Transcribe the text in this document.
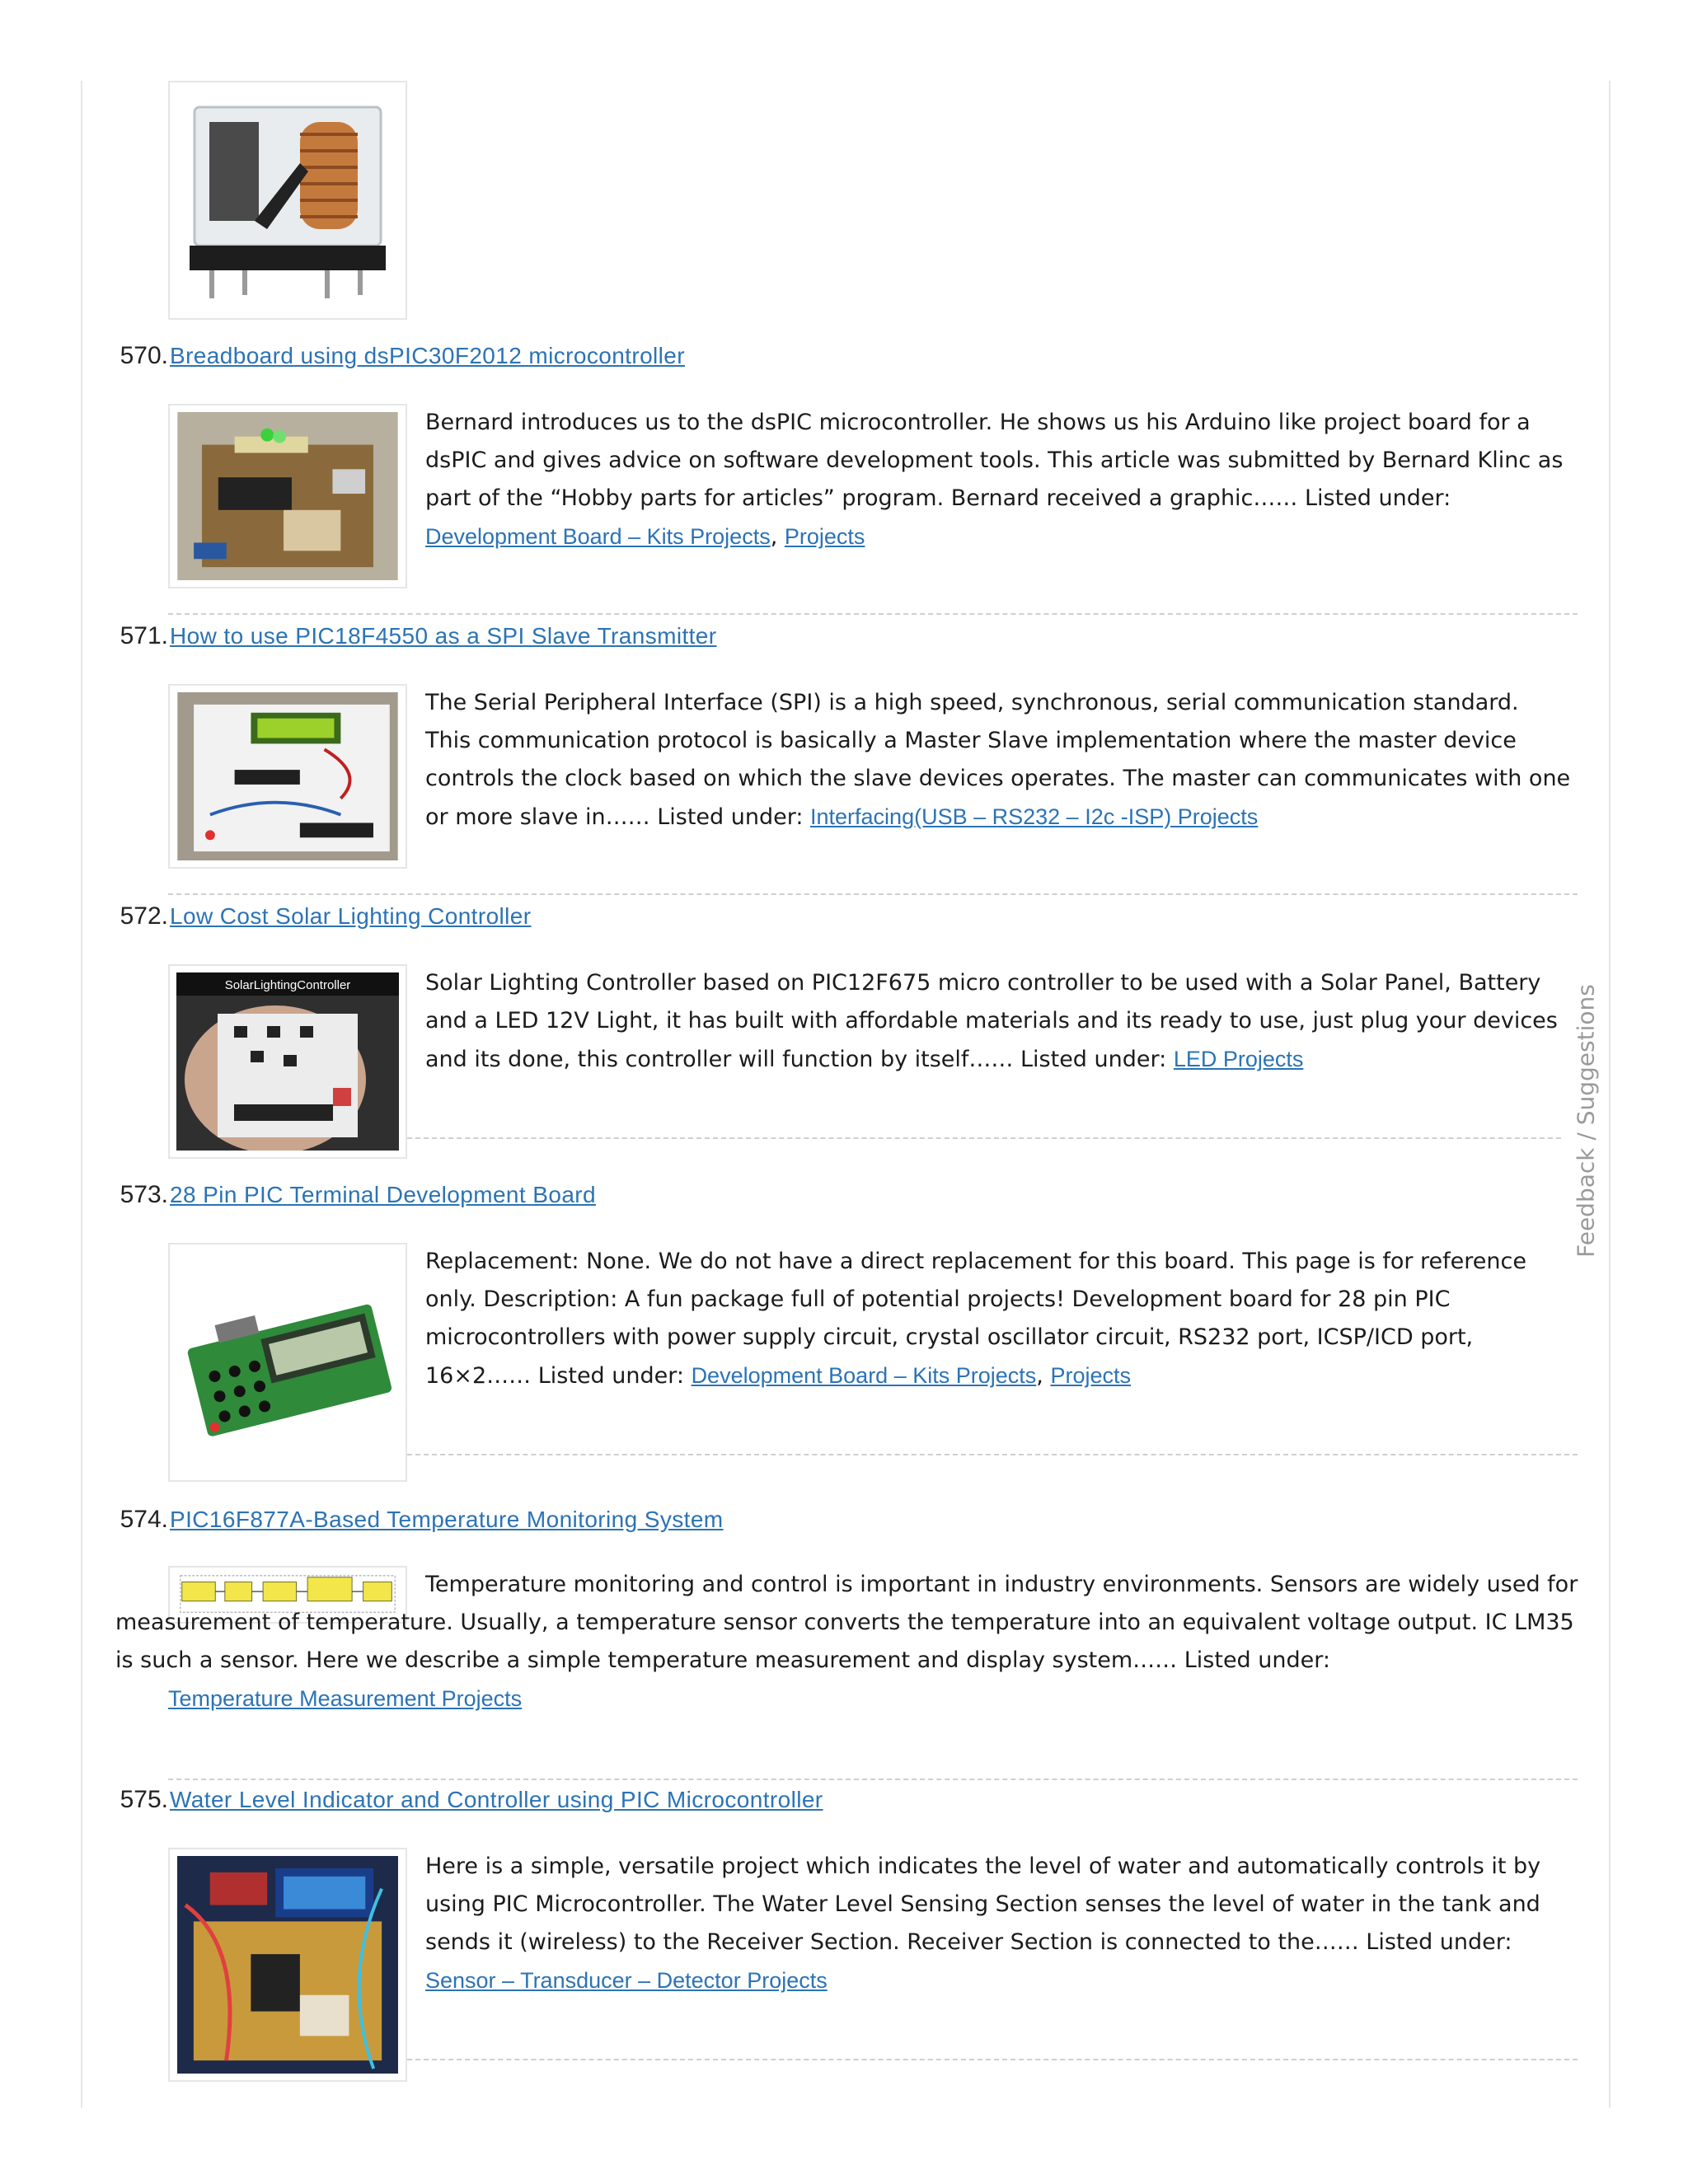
570.Breadboard using dsPIC30F2012 microcontroller
Bernard introduces us to the dsPIC microcontroller. He shows us his Arduino like project board for a dsPIC and gives advice on software development tools. This article was submitted by Bernard Klinc as part of the “Hobby parts for articles” program. Bernard received a graphic…… Listed under: Development Board – Kits Projects, Projects
571.How to use PIC18F4550 as a SPI Slave Transmitter
The Serial Peripheral Interface (SPI) is a high speed, synchronous, serial communication standard. This communication protocol is basically a Master Slave implementation where the master device controls the clock based on which the slave devices operates. The master can communicates with one or more slave in…… Listed under: Interfacing(USB – RS232 – I2c -ISP) Projects
572.Low Cost Solar Lighting Controller
SolarLightingController	Solar Lighting Controller based on PIC12F675 micro controller to be used with a Solar Panel, Battery and a LED 12V Light, it has built with affordable materials and its ready to use, just plug your devices and its done, this controller will function by itself…… Listed under: LED Projects
573.28 Pin PIC Terminal Development Board
Replacement: None. We do not have a direct replacement for this board. This page is for reference only. Description: A fun package full of potential projects! Development board for 28 pin PIC microcontrollers with power supply circuit, crystal oscillator circuit, RS232 port, ICSP/ICD port, 16×2…… Listed under: Development Board – Kits Projects, Projects
574.PIC16F877A-Based Temperature Monitoring System
Temperature monitoring and control is important in industry environments. Sensors are widely used for measurement of temperature. Usually, a temperature sensor converts the temperature into an equivalent voltage output. IC LM35 is such a sensor. Here we describe a simple temperature measurement and display system…… Listed under: Temperature Measurement Projects
575.Water Level Indicator and Controller using PIC Microcontroller
Here is a simple, versatile project which indicates the level of water and automatically controls it by using PIC Microcontroller. The Water Level Sensing Section senses the level of water in the tank and sends it (wireless) to the Receiver Section. Receiver Section is connected to the…… Listed under: Sensor – Transducer – Detector Projects
Feedback / Suggestions
